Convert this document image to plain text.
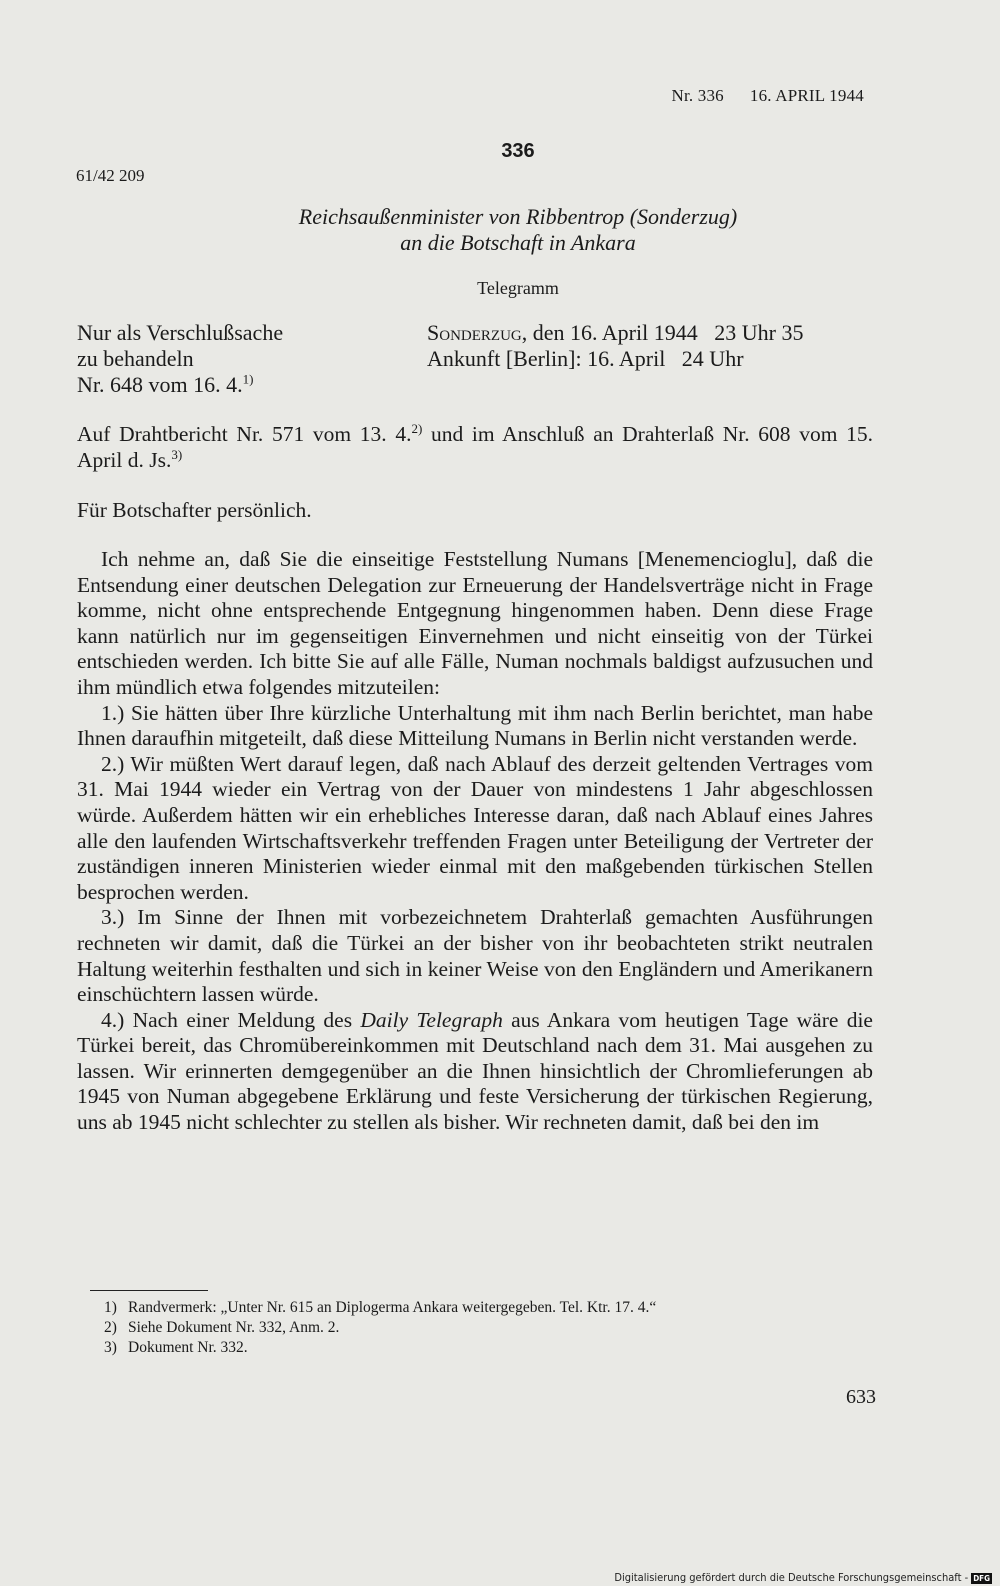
Nr. 336 16. APRIL 1944
336
61/42 209
Reichsaußenminister von Ribbentrop (Sonderzug)
an die Botschaft in Ankara
Telegramm
Nur als Verschlußsache
zu behandeln
Nr. 648 vom 16. 4.$^{1)}$
Sonderzug, den 16. April 1944   23 Uhr 35
Ankunft [Berlin]: 16. April   24 Uhr

Auf Drahtbericht Nr. 571 vom 13. 4.$^{2)}$ und im Anschluß an Drahterlaß Nr. 608 vom 15. April d. Js.$^{3)}$

Für Botschafter persönlich.

Ich nehme an, daß Sie die einseitige Feststellung Numans [Menemencioglu], daß die Entsendung einer deutschen Delegation zur Erneuerung der Handelsverträge nicht in Frage komme, nicht ohne entsprechende Entgegnung hingenommen haben. Denn diese Frage kann natürlich nur im gegenseitigen Einvernehmen und nicht einseitig von der Türkei entschieden werden. Ich bitte Sie auf alle Fälle, Numan nochmals baldigst aufzusuchen und ihm mündlich etwa folgendes mitzuteilen:

1.) Sie hätten über Ihre kürzliche Unterhaltung mit ihm nach Berlin berichtet, man habe Ihnen daraufhin mitgeteilt, daß diese Mitteilung Numans in Berlin nicht verstanden werde.

2.) Wir müßten Wert darauf legen, daß nach Ablauf des derzeit geltenden Vertrages vom 31. Mai 1944 wieder ein Vertrag von der Dauer von mindestens 1 Jahr abgeschlossen würde. Außerdem hätten wir ein erhebliches Interesse daran, daß nach Ablauf eines Jahres alle den laufenden Wirtschaftsverkehr treffenden Fragen unter Beteiligung der Vertreter der zuständigen inneren Ministerien wieder einmal mit den maßgebenden türkischen Stellen besprochen werden.

3.) Im Sinne der Ihnen mit vorbezeichnetem Drahterlaß gemachten Ausführungen rechneten wir damit, daß die Türkei an der bisher von ihr beobachteten strikt neutralen Haltung weiterhin festhalten und sich in keiner Weise von den Engländern und Amerikanern einschüchtern lassen würde.

4.) Nach einer Meldung des Daily Telegraph aus Ankara vom heutigen Tage wäre die Türkei bereit, das Chromübereinkommen mit Deutschland nach dem 31. Mai ausgehen zu lassen. Wir erinnerten demgegenüber an die Ihnen hinsichtlich der Chromlieferungen ab 1945 von Numan abgegebene Erklärung und feste Versicherung der türkischen Regierung, uns ab 1945 nicht schlechter zu stellen als bisher. Wir rechneten damit, daß bei den im

1) Randvermerk: „Unter Nr. 615 an Diplogerma Ankara weitergegeben. Tel. Ktr. 17. 4.“
2) Siehe Dokument Nr. 332, Anm. 2.
3) Dokument Nr. 332.
633
Digitalisierung gefördert durch die Deutsche Forschungsgemeinschaft - DFG
